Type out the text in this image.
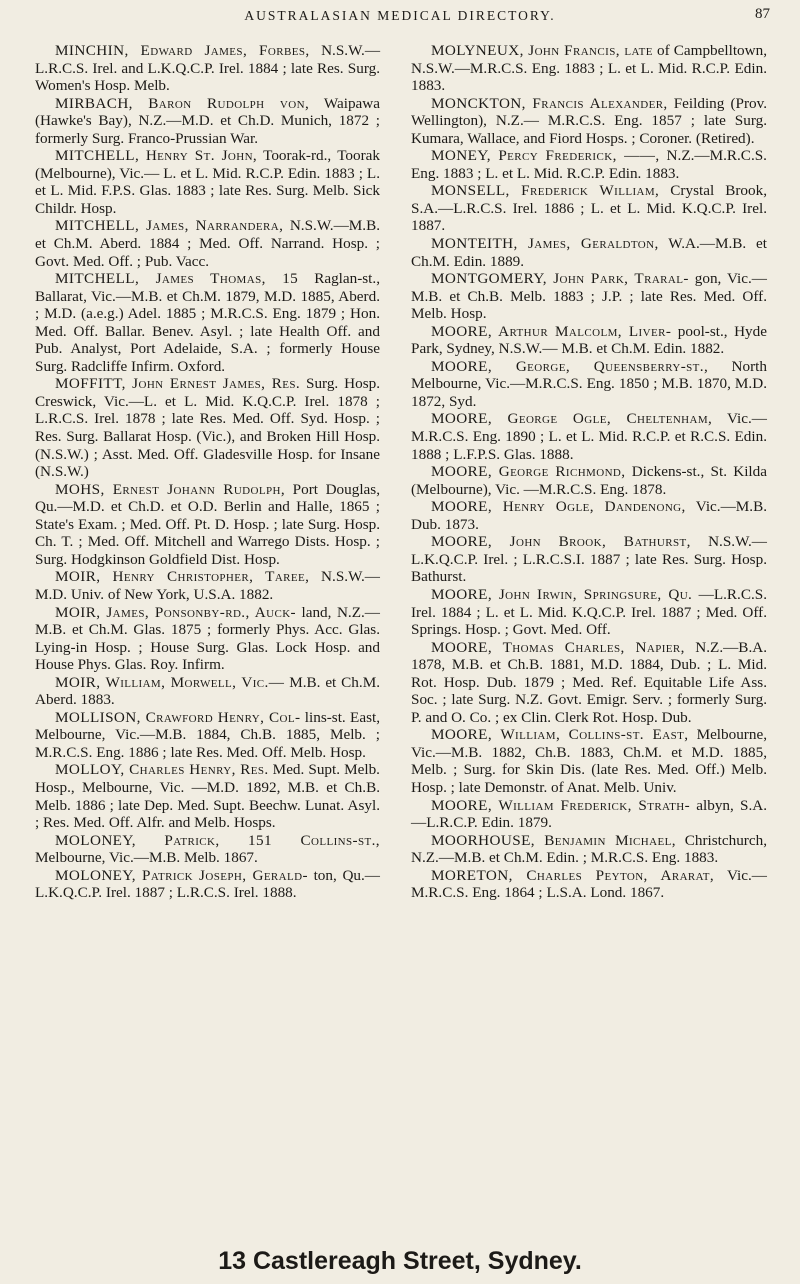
AUSTRALASIAN MEDICAL DIRECTORY.	87

MINCHIN, Edward James, Forbes, N.S.W.—L.R.C.S. Irel. and L.K.Q.C.P. Irel. 1884 ; late Res. Surg. Women's Hosp. Melb.

MIRBACH, Baron Rudolph von, Waipawa (Hawke's Bay), N.Z.—M.D. et Ch.D. Munich, 1872 ; formerly Surg. Franco-Prussian War.

MITCHELL, Henry St. John, Toorak-rd., Toorak (Melbourne), Vic.— L. et L. Mid. R.C.P. Edin. 1883 ; L. et L. Mid. F.P.S. Glas. 1883 ; late Res. Surg. Melb. Sick Childr. Hosp.

MITCHELL, James, Narrandera, N.S.W.—M.B. et Ch.M. Aberd. 1884 ; Med. Off. Narrand. Hosp. ; Govt. Med. Off. ; Pub. Vacc.

MITCHELL, James Thomas, 15 Raglan-st., Ballarat, Vic.—M.B. et Ch.M. 1879, M.D. 1885, Aberd. ; M.D. (a.e.g.) Adel. 1885 ; M.R.C.S. Eng. 1879 ; Hon. Med. Off. Ballar. Benev. Asyl. ; late Health Off. and Pub. Analyst, Port Adelaide, S.A. ; formerly House Surg. Radcliffe Infirm. Oxford.

MOFFITT, John Ernest James, Res. Surg. Hosp. Creswick, Vic.—L. et L. Mid. K.Q.C.P. Irel. 1878 ; L.R.C.S. Irel. 1878 ; late Res. Med. Off. Syd. Hosp. ; Res. Surg. Ballarat Hosp. (Vic.), and Broken Hill Hosp. (N.S.W.) ; Asst. Med. Off. Gladesville Hosp. for Insane (N.S.W.)

MOHS, Ernest Johann Rudolph, Port Douglas, Qu.—M.D. et Ch.D. et O.D. Berlin and Halle, 1865 ; State's Exam. ; Med. Off. Pt. D. Hosp. ; late Surg. Hosp. Ch. T. ; Med. Off. Mitchell and Warrego Dists. Hosp. ; Surg. Hodgkinson Goldfield Dist. Hosp.

MOIR, Henry Christopher, Taree, N.S.W.—M.D. Univ. of New York, U.S.A. 1882.

MOIR, James, Ponsonby-rd., Auck- land, N.Z.—M.B. et Ch.M. Glas. 1875 ; formerly Phys. Acc. Glas. Lying-in Hosp. ; House Surg. Glas. Lock Hosp. and House Phys. Glas. Roy. Infirm.

MOIR, William, Morwell, Vic.— M.B. et Ch.M. Aberd. 1883.

MOLLISON, Crawford Henry, Col- lins-st. East, Melbourne, Vic.—M.B. 1884, Ch.B. 1885, Melb. ; M.R.C.S. Eng. 1886 ; late Res. Med. Off. Melb. Hosp.

MOLLOY, Charles Henry, Res. Med. Supt. Melb. Hosp., Melbourne, Vic. —M.D. 1892, M.B. et Ch.B. Melb. 1886 ; late Dep. Med. Supt. Beechw. Lunat. Asyl. ; Res. Med. Off. Alfr. and Melb. Hosps.

MOLONEY, Patrick, 151 Collins-st., Melbourne, Vic.—M.B. Melb. 1867.

MOLONEY, Patrick Joseph, Gerald- ton, Qu.—L.K.Q.C.P. Irel. 1887 ; L.R.C.S. Irel. 1888.

MOLYNEUX, John Francis, late of Campbelltown, N.S.W.—M.R.C.S. Eng. 1883 ; L. et L. Mid. R.C.P. Edin. 1883.

MONCKTON, Francis Alexander, Feilding (Prov. Wellington), N.Z.— M.R.C.S. Eng. 1857 ; late Surg. Kumara, Wallace, and Fiord Hosps. ; Coroner. (Retired).

MONEY, Percy Frederick, ——, N.Z.—M.R.C.S. Eng. 1883 ; L. et L. Mid. R.C.P. Edin. 1883.

MONSELL, Frederick William, Crystal Brook, S.A.—L.R.C.S. Irel. 1886 ; L. et L. Mid. K.Q.C.P. Irel. 1887.

MONTEITH, James, Geraldton, W.A.—M.B. et Ch.M. Edin. 1889.

MONTGOMERY, John Park, Traral- gon, Vic.—M.B. et Ch.B. Melb. 1883 ; J.P. ; late Res. Med. Off. Melb. Hosp.

MOORE, Arthur Malcolm, Liver- pool-st., Hyde Park, Sydney, N.S.W.— M.B. et Ch.M. Edin. 1882.

MOORE, George, Queensberry-st., North Melbourne, Vic.—M.R.C.S. Eng. 1850 ; M.B. 1870, M.D. 1872, Syd.

MOORE, George Ogle, Cheltenham, Vic.—M.R.C.S. Eng. 1890 ; L. et L. Mid. R.C.P. et R.C.S. Edin. 1888 ; L.F.P.S. Glas. 1888.

MOORE, George Richmond, Dickens-st., St. Kilda (Melbourne), Vic. —M.R.C.S. Eng. 1878.

MOORE, Henry Ogle, Dandenong, Vic.—M.B. Dub. 1873.

MOORE, John Brook, Bathurst, N.S.W.—L.K.Q.C.P. Irel. ; L.R.C.S.I. 1887 ; late Res. Surg. Hosp. Bathurst.

MOORE, John Irwin, Springsure, Qu. —L.R.C.S. Irel. 1884 ; L. et L. Mid. K.Q.C.P. Irel. 1887 ; Med. Off. Springs. Hosp. ; Govt. Med. Off.

MOORE, Thomas Charles, Napier, N.Z.—B.A. 1878, M.B. et Ch.B. 1881, M.D. 1884, Dub. ; L. Mid. Rot. Hosp. Dub. 1879 ; Med. Ref. Equitable Life Ass. Soc. ; late Surg. N.Z. Govt. Emigr. Serv. ; formerly Surg. P. and O. Co. ; ex Clin. Clerk Rot. Hosp. Dub.

MOORE, William, Collins-st. East, Melbourne, Vic.—M.B. 1882, Ch.B. 1883, Ch.M. et M.D. 1885, Melb. ; Surg. for Skin Dis. (late Res. Med. Off.) Melb. Hosp. ; late Demonstr. of Anat. Melb. Univ.

MOORE, William Frederick, Strath- albyn, S.A.—L.R.C.P. Edin. 1879.

MOORHOUSE, Benjamin Michael, Christchurch, N.Z.—M.B. et Ch.M. Edin. ; M.R.C.S. Eng. 1883.

MORETON, Charles Peyton, Ararat, Vic.—M.R.C.S. Eng. 1864 ; L.S.A. Lond. 1867.

13 Castlereagh Street, Sydney.
